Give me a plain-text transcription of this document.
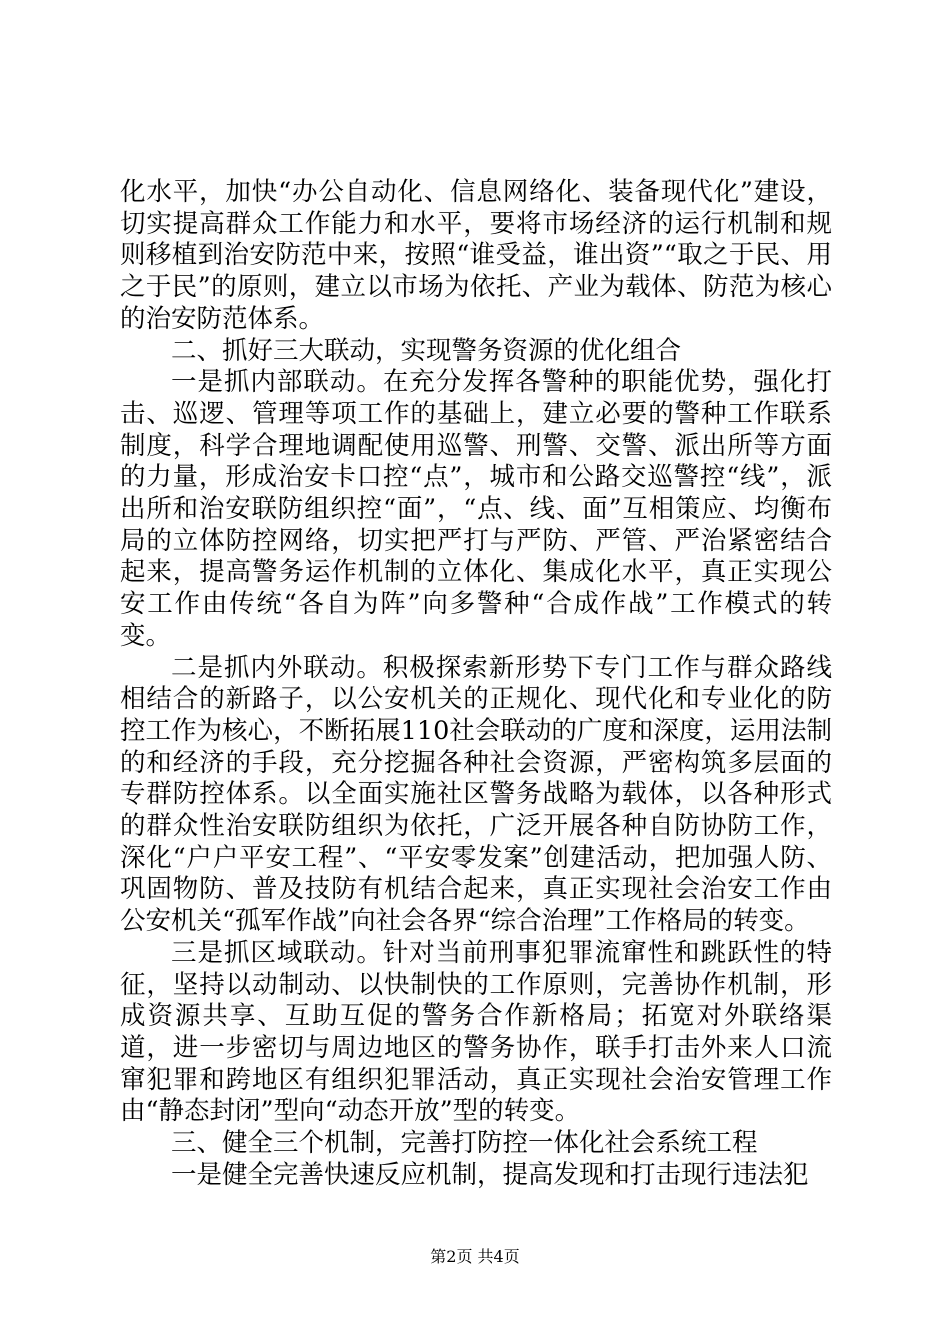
化水平，加快“办公自动化、信息网络化、装备现代化”建设，切实提高群众工作能力和水平，要将市场经济的运行机制和规则移植到治安防范中来，按照“谁受益，谁出资”“取之于民、用之于民”的原则，建立以市场为依托、产业为载体、防范为核心的治安防范体系。

二、抓好三大联动，实现警务资源的优化组合

一是抓内部联动。在充分发挥各警种的职能优势，强化打击、巡逻、管理等项工作的基础上，建立必要的警种工作联系制度，科学合理地调配使用巡警、刑警、交警、派出所等方面的力量，形成治安卡口控“点”，城市和公路交巡警控“线”，派出所和治安联防组织控“面”，“点、线、面”互相策应、均衡布局的立体防控网络，切实把严打与严防、严管、严治紧密结合起来，提高警务运作机制的立体化、集成化水平，真正实现公安工作由传统“各自为阵”向多警种“合成作战”工作模式的转变。

二是抓内外联动。积极探索新形势下专门工作与群众路线相结合的新路子，以公安机关的正规化、现代化和专业化的防控工作为核心，不断拓展110社会联动的广度和深度，运用法制的和经济的手段，充分挖掘各种社会资源，严密构筑多层面的专群防控体系。以全面实施社区警务战略为载体，以各种形式的群众性治安联防组织为依托，广泛开展各种自防协防工作，深化“户户平安工程”、“平安零发案”创建活动，把加强人防、巩固物防、普及技防有机结合起来，真正实现社会治安工作由公安机关“孤军作战”向社会各界“综合治理”工作格局的转变。

三是抓区域联动。针对当前刑事犯罪流窜性和跳跃性的特征，坚持以动制动、以快制快的工作原则，完善协作机制，形成资源共享、互助互促的警务合作新格局；拓宽对外联络渠道，进一步密切与周边地区的警务协作，联手打击外来人口流窜犯罪和跨地区有组织犯罪活动，真正实现社会治安管理工作由“静态封闭”型向“动态开放”型的转变。

三、健全三个机制，完善打防控一体化社会系统工程

一是健全完善快速反应机制，提高发现和打击现行违法犯

第2页 共4页
